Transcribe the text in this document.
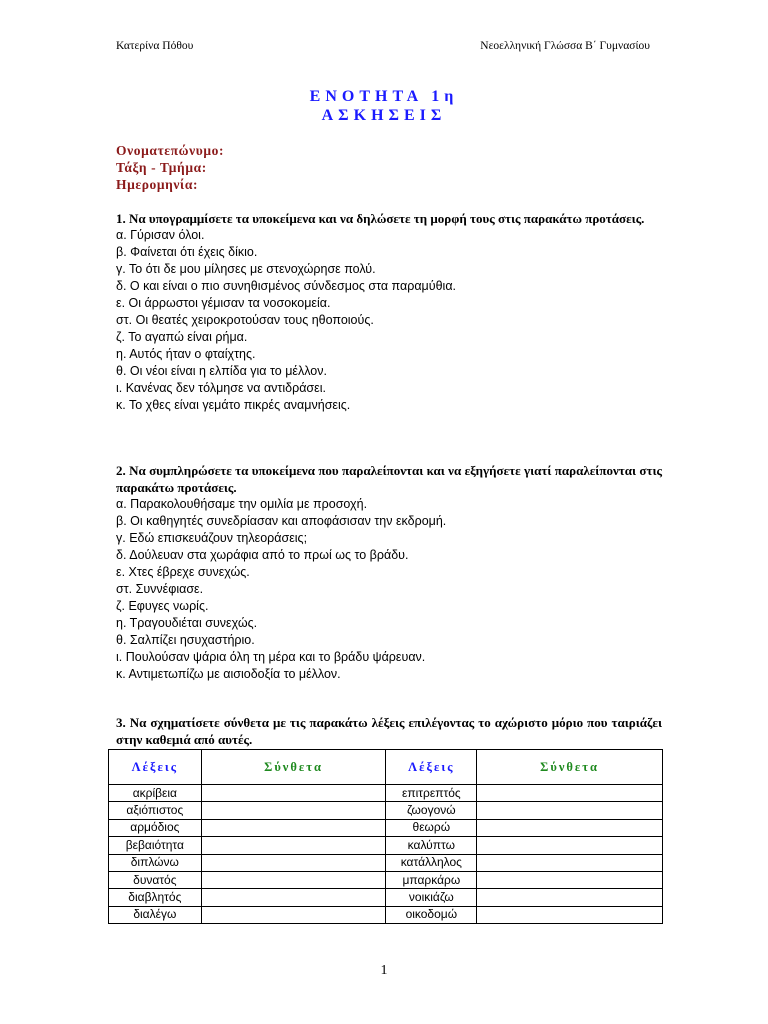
Κατερίνα Πόθου	Νεοελληνική Γλώσσα Β΄ Γυμνασίου
ΕΝΟΤΗΤΑ 1η
ΑΣΚΗΣΕΙΣ
Ονοματεπώνυμο:
Τάξη - Τμήμα:
Ημερομηνία:
1. Να υπογραμμίσετε τα υποκείμενα και να δηλώσετε τη μορφή τους στις παρακάτω προτάσεις.
α. Γύρισαν όλοι.
β. Φαίνεται ότι έχεις δίκιο.
γ. Το ότι δε μου μίλησες με στενοχώρησε πολύ.
δ. Ο και είναι ο πιο συνηθισμένος σύνδεσμος στα παραμύθια.
ε. Οι άρρωστοι γέμισαν τα νοσοκομεία.
στ. Οι θεατές χειροκροτούσαν τους ηθοποιούς.
ζ. Το αγαπώ είναι ρήμα.
η. Αυτός ήταν ο φταίχτης.
θ. Οι νέοι είναι η ελπίδα για το μέλλον.
ι. Κανένας δεν τόλμησε να αντιδράσει.
κ. Το χθες είναι γεμάτο πικρές αναμνήσεις.
2. Να συμπληρώσετε τα υποκείμενα που παραλείπονται και να εξηγήσετε γιατί παραλείπονται στις παρακάτω προτάσεις.
α. Παρακολουθήσαμε την ομιλία με προσοχή.
β. Οι καθηγητές συνεδρίασαν και αποφάσισαν την εκδρομή.
γ. Εδώ επισκευάζουν τηλεοράσεις;
δ. Δούλευαν στα χωράφια από το πρωί ως το βράδυ.
ε. Χτες έβρεχε συνεχώς.
στ. Συννέφιασε.
ζ. Εφυγες νωρίς.
η. Τραγουδιέται συνεχώς.
θ. Σαλπίζει ησυχαστήριο.
ι. Πουλούσαν ψάρια όλη τη μέρα και το βράδυ ψάρευαν.
κ. Αντιμετωπίζω με αισιοδοξία το μέλλον.
3. Να σχηματίσετε σύνθετα με τις παρακάτω λέξεις επιλέγοντας το αχώριστο μόριο που ταιριάζει στην καθεμιά από αυτές.
Λέξεις	Σύνθετα	Λέξεις	Σύνθετα
ακρίβεια		επιτρεπτός	
αξιόπιστος		ζωογονώ	
αρμόδιος		θεωρώ	
βεβαιότητα		καλύπτω	
διπλώνω		κατάλληλος	
δυνατός		μπαρκάρω	
διαβλητός		νοικιάζω	
διαλέγω		οικοδομώ	
1
